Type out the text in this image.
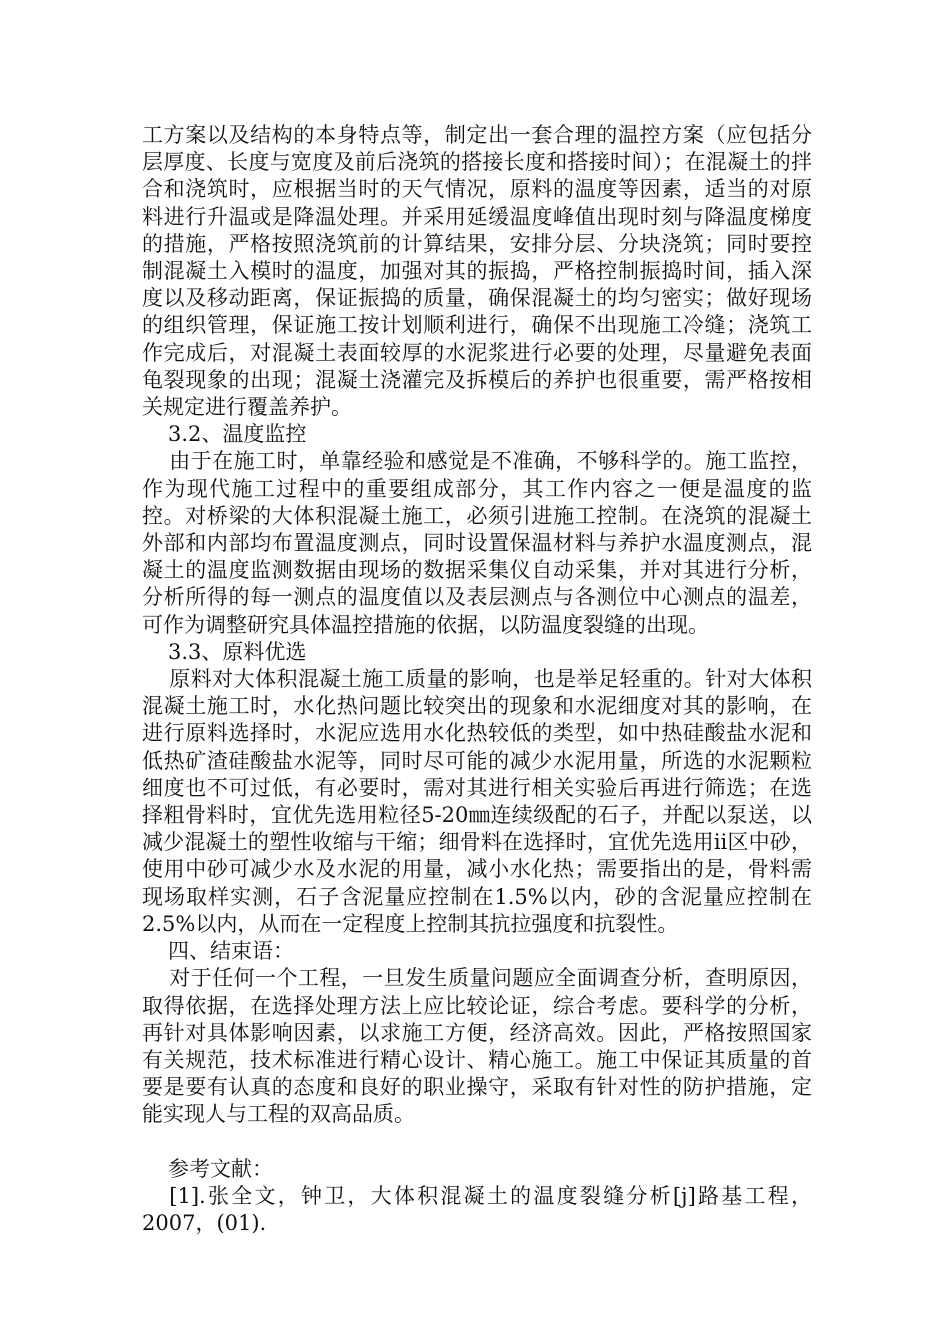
工方案以及结构的本身特点等，制定出一套合理的温控方案（应包括分层厚度、长度与宽度及前后浇筑的搭接长度和搭接时间）；在混凝土的拌合和浇筑时，应根据当时的天气情况，原料的温度等因素，适当的对原料进行升温或是降温处理。并采用延缓温度峰值出现时刻与降温度梯度的措施，严格按照浇筑前的计算结果，安排分层、分块浇筑；同时要控制混凝土入模时的温度，加强对其的振捣，严格控制振捣时间，插入深度以及移动距离，保证振捣的质量，确保混凝土的均匀密实；做好现场的组织管理，保证施工按计划顺利进行，确保不出现施工冷缝；浇筑工作完成后，对混凝土表面较厚的水泥浆进行必要的处理，尽量避免表面龟裂现象的出现；混凝土浇灌完及拆模后的养护也很重要，需严格按相关规定进行覆盖养护。

3.2、温度监控

由于在施工时，单靠经验和感觉是不准确，不够科学的。施工监控，作为现代施工过程中的重要组成部分，其工作内容之一便是温度的监控。对桥梁的大体积混凝土施工，必须引进施工控制。在浇筑的混凝土外部和内部均布置温度测点，同时设置保温材料与养护水温度测点，混凝土的温度监测数据由现场的数据采集仪自动采集，并对其进行分析，分析所得的每一测点的温度值以及表层测点与各测位中心测点的温差，可作为调整研究具体温控措施的依据，以防温度裂缝的出现。

3.3、原料优选

原料对大体积混凝土施工质量的影响，也是举足轻重的。针对大体积混凝土施工时，水化热问题比较突出的现象和水泥细度对其的影响，在进行原料选择时，水泥应选用水化热较低的类型，如中热硅酸盐水泥和低热矿渣硅酸盐水泥等，同时尽可能的减少水泥用量，所选的水泥颗粒细度也不可过低，有必要时，需对其进行相关实验后再进行筛选；在选择粗骨料时，宜优先选用粒径5-20㎜连续级配的石子，并配以泵送，以减少混凝土的塑性收缩与干缩；细骨料在选择时，宜优先选用ii区中砂，使用中砂可减少水及水泥的用量，减小水化热；需要指出的是，骨料需现场取样实测，石子含泥量应控制在1.5%以内，砂的含泥量应控制在2.5%以内，从而在一定程度上控制其抗拉强度和抗裂性。

四、结束语：

对于任何一个工程，一旦发生质量问题应全面调查分析，查明原因，取得依据，在选择处理方法上应比较论证，综合考虑。要科学的分析，再针对具体影响因素，以求施工方便，经济高效。因此，严格按照国家有关规范，技术标准进行精心设计、精心施工。施工中保证其质量的首要是要有认真的态度和良好的职业操守，采取有针对性的防护措施，定能实现人与工程的双高品质。

参考文献：

[1].张全文，钟卫，大体积混凝土的温度裂缝分析[j]路基工程，2007，(01).
